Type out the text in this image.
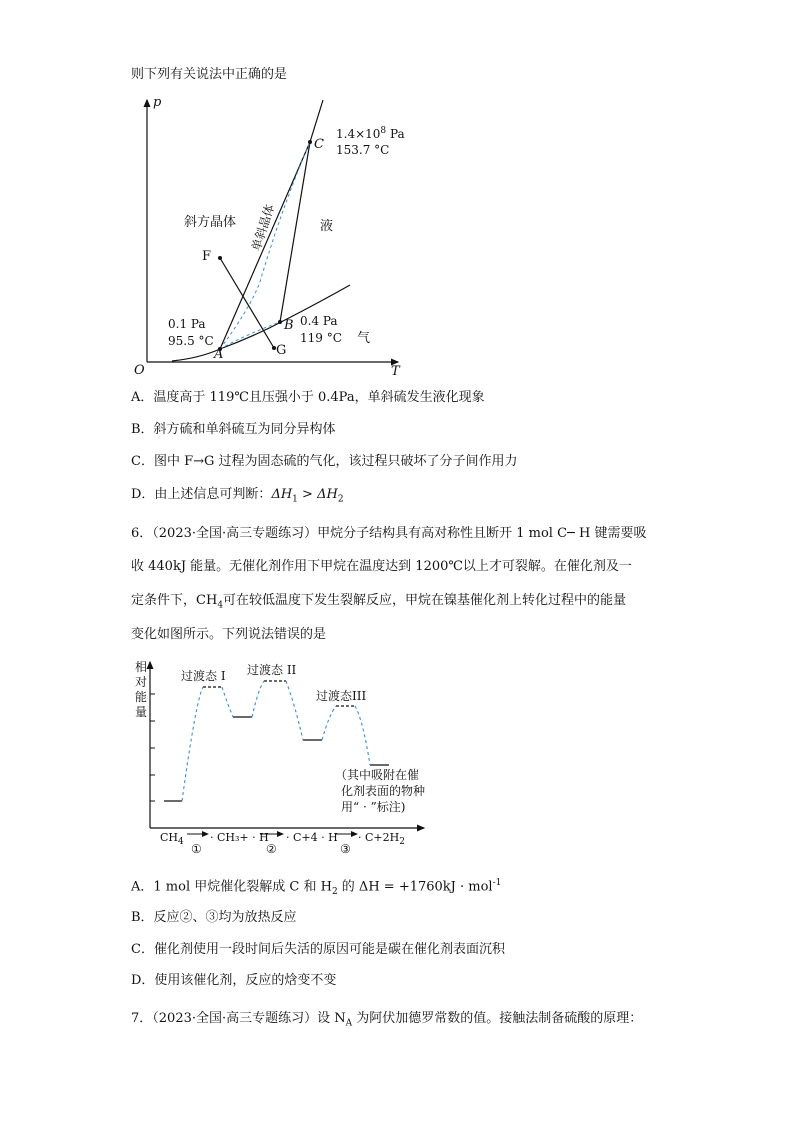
则下列有关说法中正确的是
p
T
O
C
$1.4\times 10^8$ Pa
153.7 °C
斜方晶体	液
单斜晶体
F
G
0.1 Pa
95.5 °C
A
B 0.4 Pa
119 °C 气
A．温度高于 119℃且压强小于 0.4Pa，单斜硫发生液化现象
B．斜方硫和单斜硫互为同分异构体
C．图中 F→G 过程为固态硫的气化，该过程只破坏了分子间作用力
D．由上述信息可判断：$\Delta H_1 > \Delta H_2$
6．（2023·全国·高三专题练习）甲烷分子结构具有高对称性且断开 1 mol C─ H 键需要吸
收 440kJ 能量。无催化剂作用下甲烷在温度达到 1200℃以上才可裂解。在催化剂及一
定条件下，$CH_4$可在较低温度下发生裂解反应，甲烷在镍基催化剂上转化过程中的能量
变化如图所示。下列说法错误的是
相
对
能
量
过渡态 I 过渡态 II
过渡态III
（其中吸附在催
化剂表面的物种
用“ · ”标注)
$CH_4 \cdot CH_3+ \cdot H \cdot C+4 \cdot H \cdot C+2H_2$
①	②	③
A．1 mol 甲烷催化裂解成 C 和 $H_2$ 的 ΔH = +1760kJ · mol$^{-1}$
B．反应②、③均为放热反应
C．催化剂使用一段时间后失活的原因可能是碳在催化剂表面沉积
D．使用该催化剂，反应的焓变不变
7．（2023·全国·高三专题练习）设 $N_A$ 为阿伏加德罗常数的值。接触法制备硫酸的原理：
